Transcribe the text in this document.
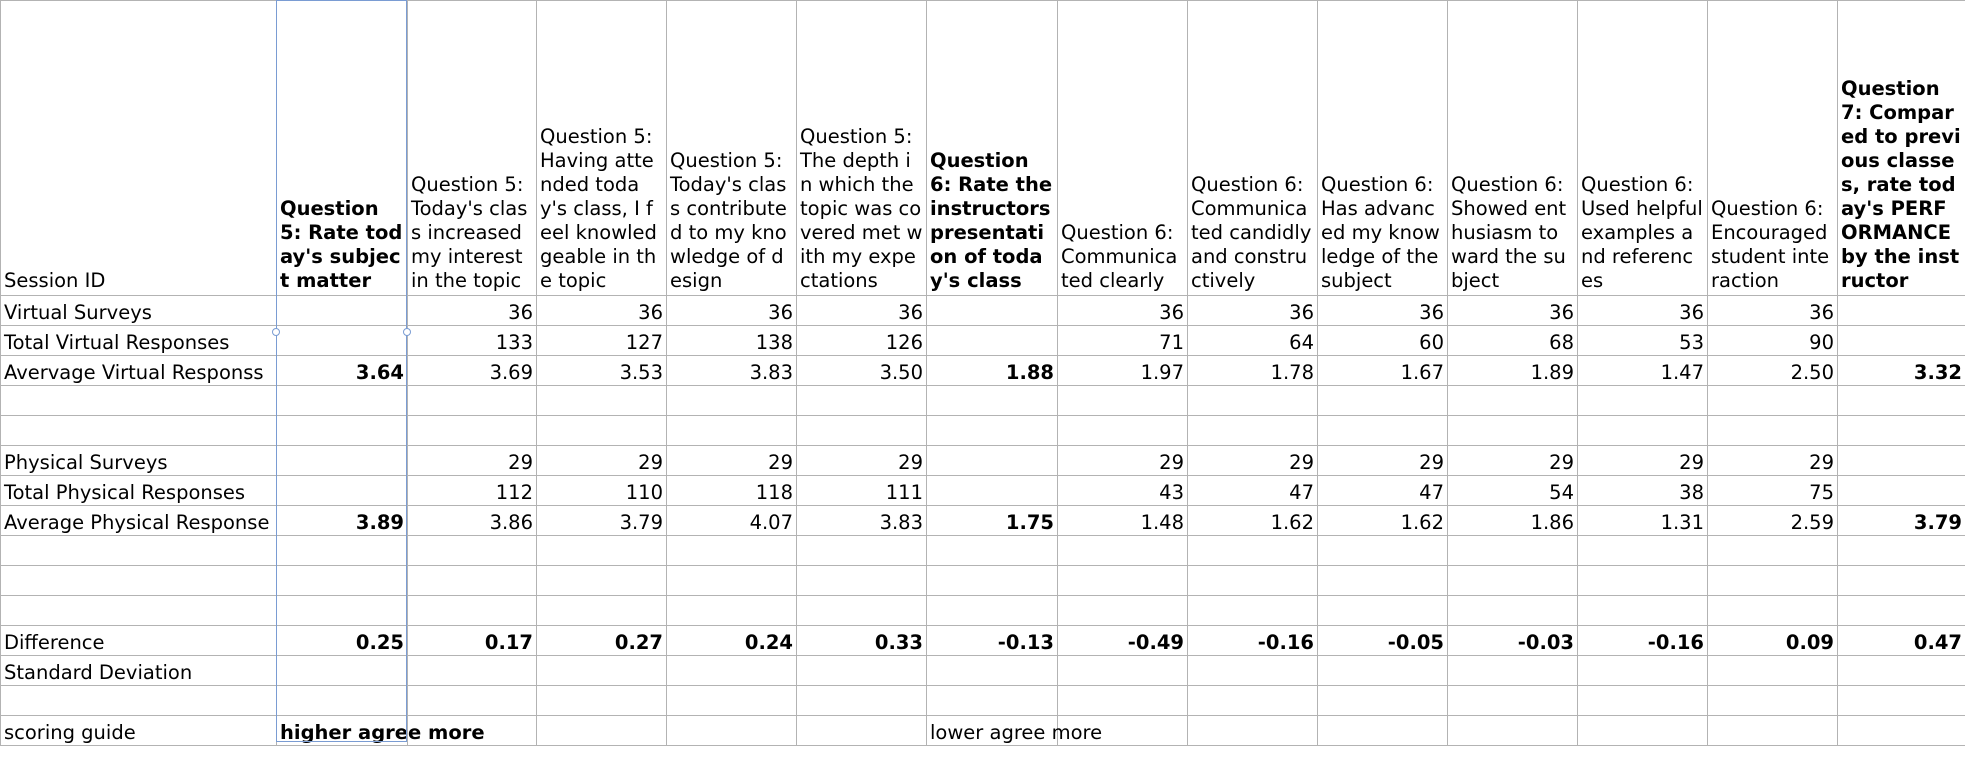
Session ID	Question 5: Rate today's subject matter	Question 5: Today's class increased my interest in the topic	Question 5: Having attended today's class, I feel knowledgeable in the topic	Question 5: Today's class contributed to my knowledge of design	Question 5: The depth in which the topic was covered met with my expectations	Question 6: Rate the instructors presentation of today's class	Question 6: Communicated clearly	Question 6: Communicated candidly and constructively	Question 6: Has advanced my knowledge of the subject	Question 6: Showed enthusiasm toward the subject	Question 6: Used helpful examples and references	Question 6: Encouraged student interaction	Question 7: Compared to previous classes, rate today's PERFORMANCE by the instructor
Virtual Surveys		36	36	36	36		36	36	36	36	36	36	
Total Virtual Responses		133	127	138	126		71	64	60	68	53	90	
Avervage Virtual Responss	3.64	3.69	3.53	3.83	3.50	1.88	1.97	1.78	1.67	1.89	1.47	2.50	3.32

Physical Surveys		29	29	29	29		29	29	29	29	29	29	
Total Physical Responses		112	110	118	111		43	47	47	54	38	75	
Average Physical Response	3.89	3.86	3.79	4.07	3.83	1.75	1.48	1.62	1.62	1.86	1.31	2.59	3.79

Difference	0.25	0.17	0.27	0.24	0.33	-0.13	-0.49	-0.16	-0.05	-0.03	-0.16	0.09	0.47
Standard Deviation													

scoring guide	higher agree more					lower agree more							
